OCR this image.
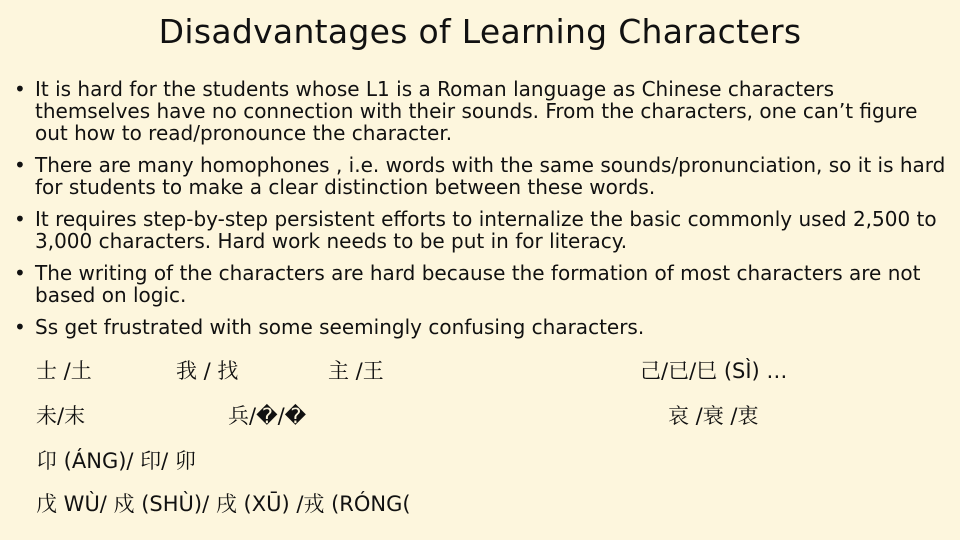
Disadvantages of Learning Characters
• It is hard for the students whose L1 is a Roman language as Chinese characters themselves have no connection with their sounds. From the characters, one can’t figure out how to read/pronounce the character.
• There are many homophones , i.e. words with the same sounds/pronunciation, so it is hard for students to make a clear distinction between these words.
• It requires step-by-step persistent efforts to internalize the basic commonly used 2,500 to 3,000 characters. Hard work needs to be put in for literacy.
• The writing of the characters are hard because the formation of most characters are not based on logic.
• Ss get frustrated with some seemingly confusing characters.
士 /土	我 / 找	主 /王	己/已/巳 (SÌ) …
未/末	兵/�/�	哀 /衰 /衷
卬 (ÁNG)/ 印/ 卯
戊 WÙ/ 戍 (SHÙ)/ 戌 (XŪ) /戎 (RÓNG(
